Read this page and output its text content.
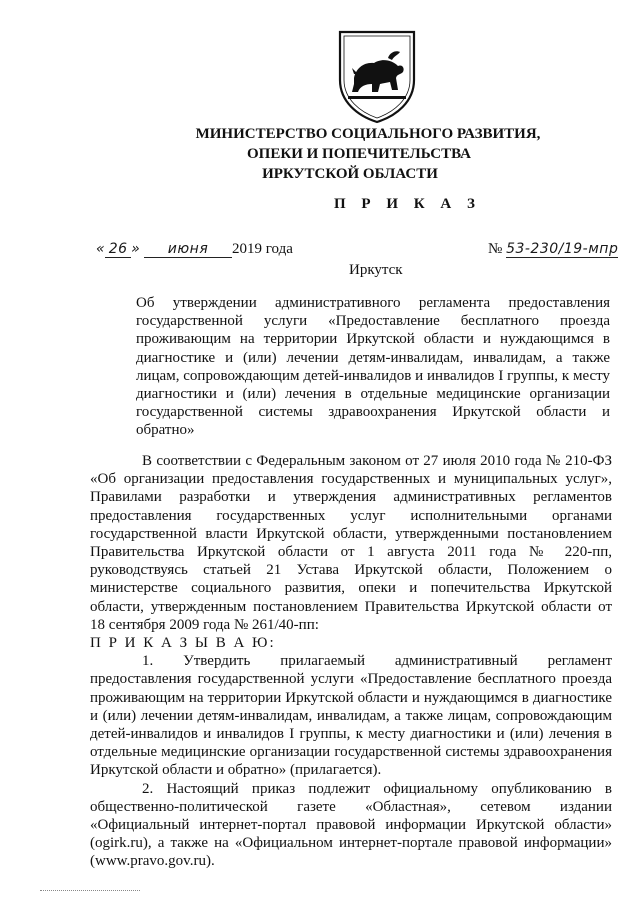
МИНИСТЕРСТВО СОЦИАЛЬНОГО РАЗВИТИЯ,
ОПЕКИ И ПОПЕЧИТЕЛЬСТВА
ИРКУТСКОЙ ОБЛАСТИ
П Р И К А З
« 26 » июня 2019 года	№ 53-230/19-мпр
Иркутск
Об утверждении административного регламента предоставления государственной услуги «Предоставление бесплатного проезда проживающим на территории Иркутской области и нуждающимся в диагностике и (или) лечении детям-инвалидам, инвалидам, а также лицам, сопровождающим детей-инвалидов и инвалидов I группы, к месту диагностики и (или) лечения в отдельные медицинские организации государственной системы здравоохранения Иркутской области и обратно»

В соответствии с Федеральным законом от 27 июля 2010 года № 210-ФЗ «Об организации предоставления государственных и муниципальных услуг», Правилами разработки и утверждения административных регламентов предоставления государственных услуг исполнительными органами государственной власти Иркутской области, утвержденными постановлением Правительства Иркутской области от 1 августа 2011 года № 220-пп, руководствуясь статьей 21 Устава Иркутской области, Положением о министерстве социального развития, опеки и попечительства Иркутской области, утвержденным постановлением Правительства Иркутской области от 18 сентября 2009 года № 261/40-пп:

П Р И К А З Ы В А Ю:

1. Утвердить прилагаемый административный регламент предоставления государственной услуги «Предоставление бесплатного проезда проживающим на территории Иркутской области и нуждающимся в диагностике и (или) лечении детям-инвалидам, инвалидам, а также лицам, сопровождающим детей-инвалидов и инвалидов I группы, к месту диагностики и (или) лечения в отдельные медицинские организации государственной системы здравоохранения Иркутской области и обратно» (прилагается).

2. Настоящий приказ подлежит официальному опубликованию в общественно-политической газете «Областная», сетевом издании «Официальный интернет-портал правовой информации Иркутской области» (ogirk.ru), а также на «Официальном интернет-портале правовой информации» (www.pravo.gov.ru).
